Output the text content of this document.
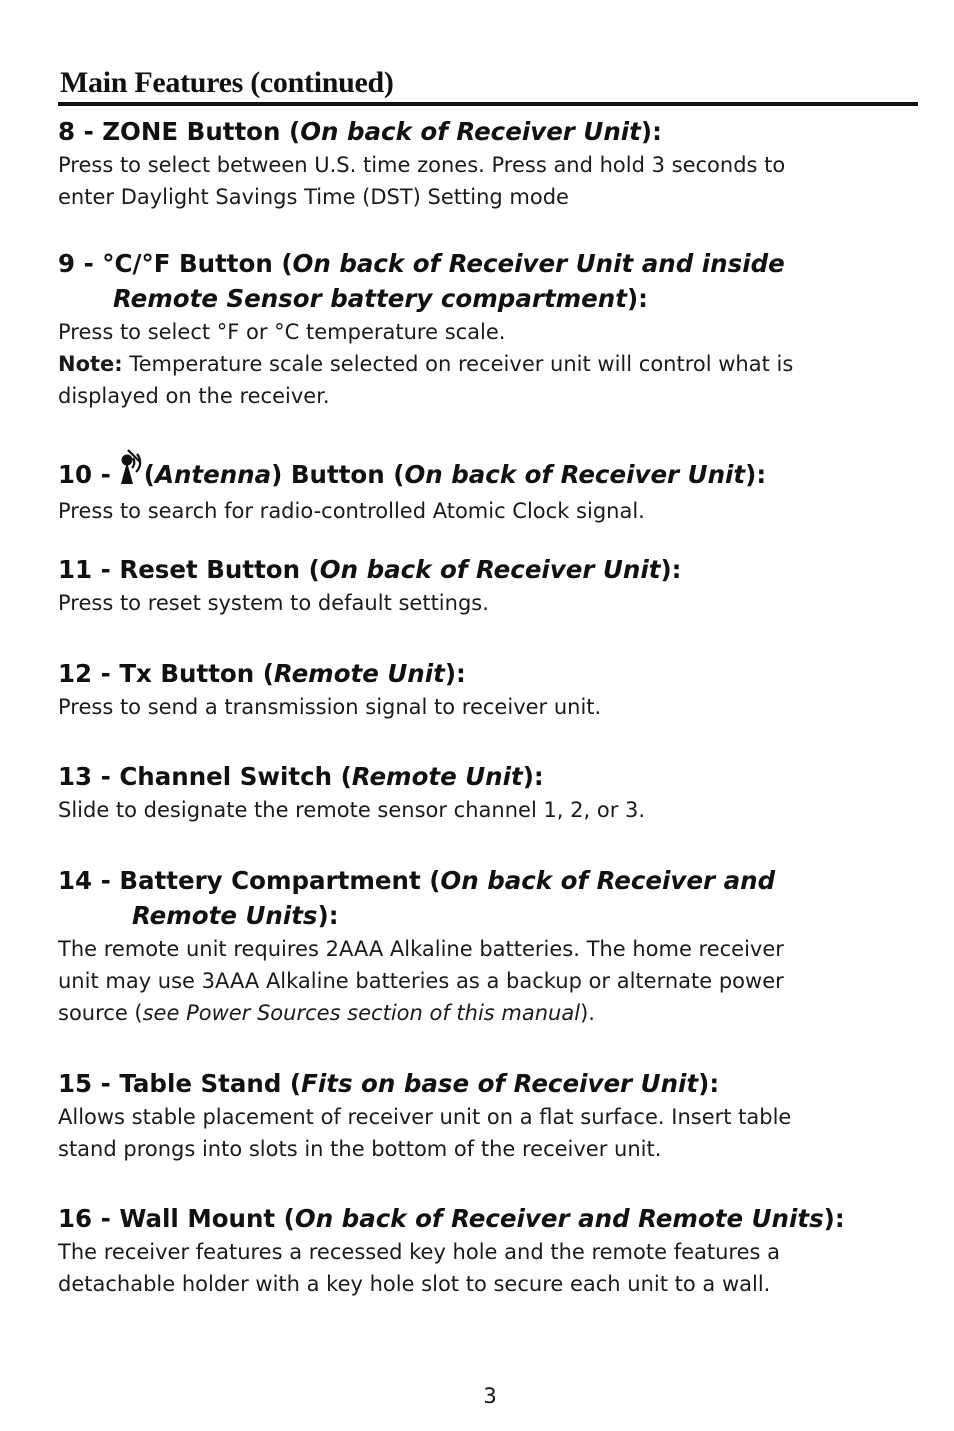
Main Features (continued)
8 - ZONE Button (On back of Receiver Unit):
Press to select between U.S. time zones. Press and hold 3 seconds to
enter Daylight Savings Time (DST) Setting mode
9 - °C/°F Button (On back of Receiver Unit and inside
Remote Sensor battery compartment):
Press to select °F or °C temperature scale.
Note: Temperature scale selected on receiver unit will control what is
displayed on the receiver.
10 - (Antenna) Button (On back of Receiver Unit):
Press to search for radio-controlled Atomic Clock signal.
11 - Reset Button (On back of Receiver Unit):
Press to reset system to default settings.
12 - Tx Button (Remote Unit):
Press to send a transmission signal to receiver unit.
13 - Channel Switch (Remote Unit):
Slide to designate the remote sensor channel 1, 2, or 3.
14 - Battery Compartment (On back of Receiver and
Remote Units):
The remote unit requires 2AAA Alkaline batteries. The home receiver
unit may use 3AAA Alkaline batteries as a backup or alternate power
source (see Power Sources section of this manual).
15 - Table Stand (Fits on base of Receiver Unit):
Allows stable placement of receiver unit on a flat surface. Insert table
stand prongs into slots in the bottom of the receiver unit.
16 - Wall Mount (On back of Receiver and Remote Units):
The receiver features a recessed key hole and the remote features a
detachable holder with a key hole slot to secure each unit to a wall.
3
